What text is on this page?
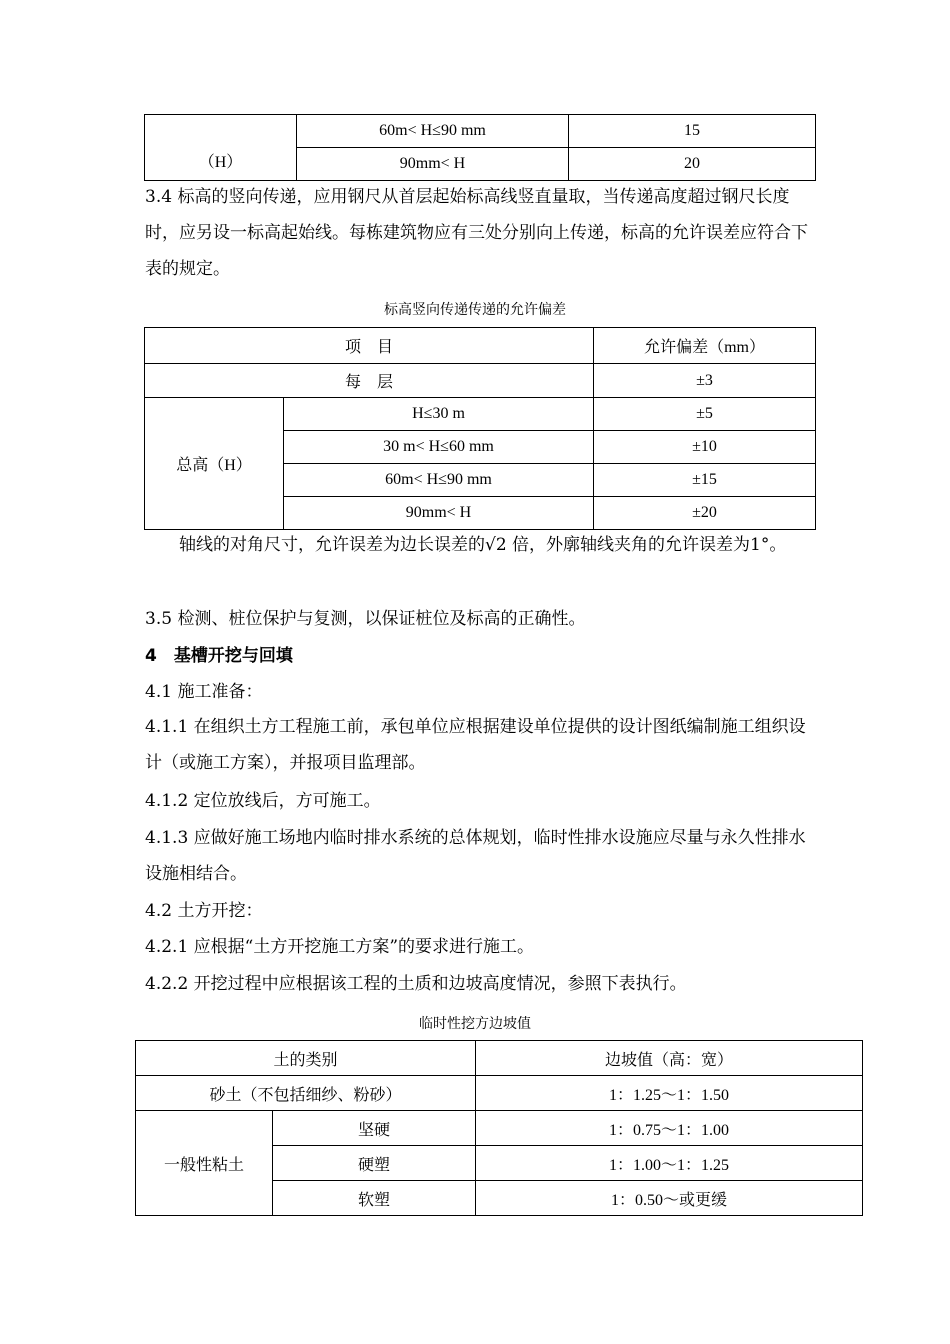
（H）	60m< H≤90 mm	15
	90mm< H	20

3.4 标高的竖向传递，应用钢尺从首层起始标高线竖直量取，当传递高度超过钢尺长度时，应另设一标高起始线。每栋建筑物应有三处分别向上传递，标高的允许误差应符合下表的规定。

标高竖向传递传递的允许偏差
项　目		允许偏差（mm）
每　层		±3
总高（H）	H≤30 m	±5
	30 m< H≤60 mm	±10
	60m< H≤90 mm	±15
	90mm< H	±20

轴线的对角尺寸，允许误差为边长误差的√2 倍，外廓轴线夹角的允许误差为1°。

3.5 检测、桩位保护与复测，以保证桩位及标高的正确性。

4　基槽开挖与回填

4.1 施工准备：

4.1.1 在组织土方工程施工前，承包单位应根据建设单位提供的设计图纸编制施工组织设计（或施工方案），并报项目监理部。

4.1.2 定位放线后，方可施工。

4.1.3 应做好施工场地内临时排水系统的总体规划，临时性排水设施应尽量与永久性排水设施相结合。

4.2 土方开挖：

4.2.1 应根据“土方开挖施工方案”的要求进行施工。

4.2.2 开挖过程中应根据该工程的土质和边坡高度情况，参照下表执行。

临时性挖方边坡值
土的类别		边坡值（高：宽）
砂土（不包括细纱、粉砂）		1：1.25～1：1.50
一般性粘土	坚硬	1：0.75～1：1.00
	硬塑	1：1.00～1：1.25
	软塑	1：0.50～或更缓
